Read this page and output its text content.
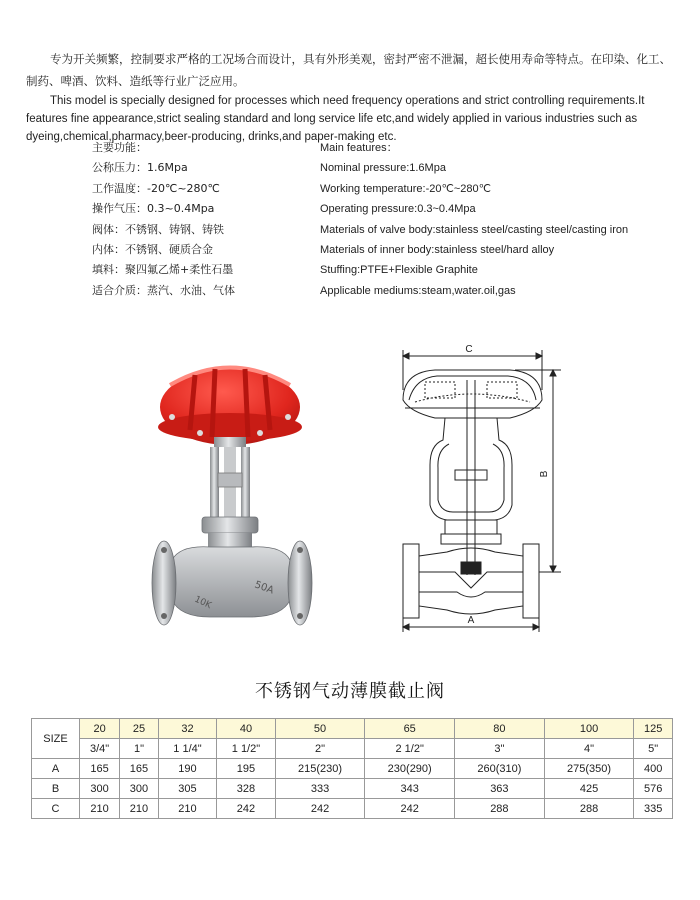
专为开关频繁，控制要求严格的工况场合而设计，具有外形美观，密封严密不泄漏，超长使用寿命等特点。在印染、化工、制药、啤酒、饮料、造纸等行业广泛应用。

This model is specially designed for processes which need frequency operations and strict controlling requirements.It features fine appearance,strict sealing standard and long service life etc,and widely applied in various industries such as dyeing,chemical,pharmacy,beer-producing, drinks,and paper-making etc.

主要功能：	Main features：
公称压力：1.6Mpa	Nominal pressure:1.6Mpa
工作温度：-20℃~280℃	Working temperature:-20℃~280℃
操作气压：0.3~0.4Mpa	Operating pressure:0.3~0.4Mpa
阀体：不锈钢、铸钢、铸铁	Materials of valve body:stainless steel/casting steel/casting iron
内体：不锈钢、硬质合金	Materials of inner body:stainless steel/hard alloy
填料：聚四氟乙烯+柔性石墨	Stuffing:PTFE+Flexible Graphite
适合介质：蒸汽、水油、气体	Applicable mediums:steam,water.oil,gas
50A
10K
C
B
A
不锈钢气动薄膜截止阀
SIZE	20	25	32	40	50	65	80	100	125
	3/4"	1"	1 1/4"	1 1/2"	2"	2 1/2"	3"	4"	5"
A	165	165	190	195	215(230)	230(290)	260(310)	275(350)	400
B	300	300	305	328	333	343	363	425	576
C	210	210	210	242	242	242	288	288	335
